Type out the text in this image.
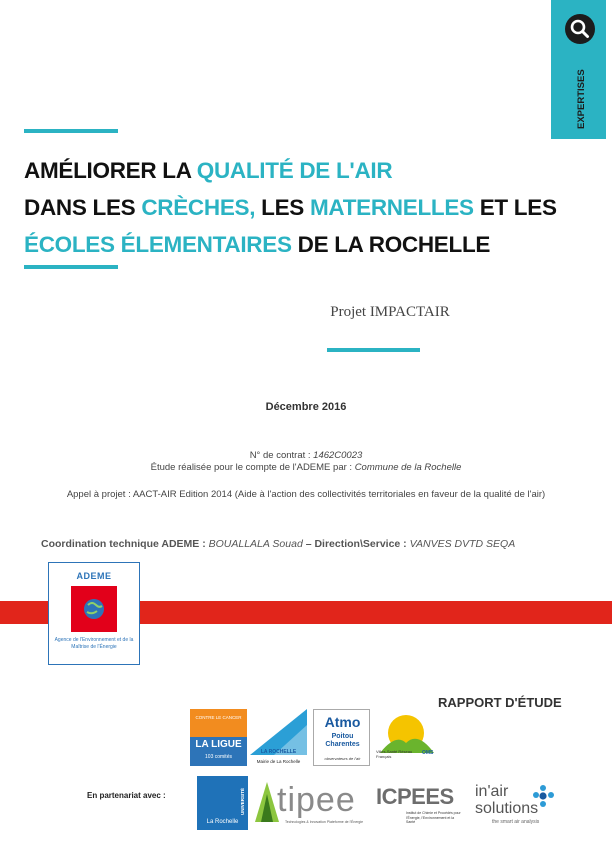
EXPERTISES
AMÉLIORER LA QUALITÉ DE L'AIR
DANS LES CRÈCHES, LES MATERNELLES ET LES
ÉCOLES ÉLEMENTAIRES DE LA ROCHELLE
Projet IMPACTAIR
Décembre 2016
N° de contrat : 1462C0023
Étude réalisée pour le compte de l'ADEME par : Commune de la Rochelle
Appel à projet : AACT-AIR Edition 2014 (Aide à l'action des collectivités territoriales en faveur de la qualité de l'air)
Coordination technique ADEME : BOUALLALA Souad – Direction\Service : VANVES DVTD SEQA
ADEME
Agence de l'Environnement et de la Maîtrise de l'Énergie
RAPPORT D'ÉTUDE
CONTRE LE CANCER
LA LIGUE
103 comités
LA ROCHELLE
Mairie de La Rochelle
Atmo
Poitou Charentes
observateurs de l'air
Villes-Santé Réseau Français
OMS
En partenariat avec :	UNIVERSITÉ
La Rochelle
tipee
Technologies & Innovation Plateforme de l'Énergie
ICPEES
Institut de Chimie et Procédés pour l'Énergie, l'Environnement et la Santé
in'air
solutions
the smart air analysis
